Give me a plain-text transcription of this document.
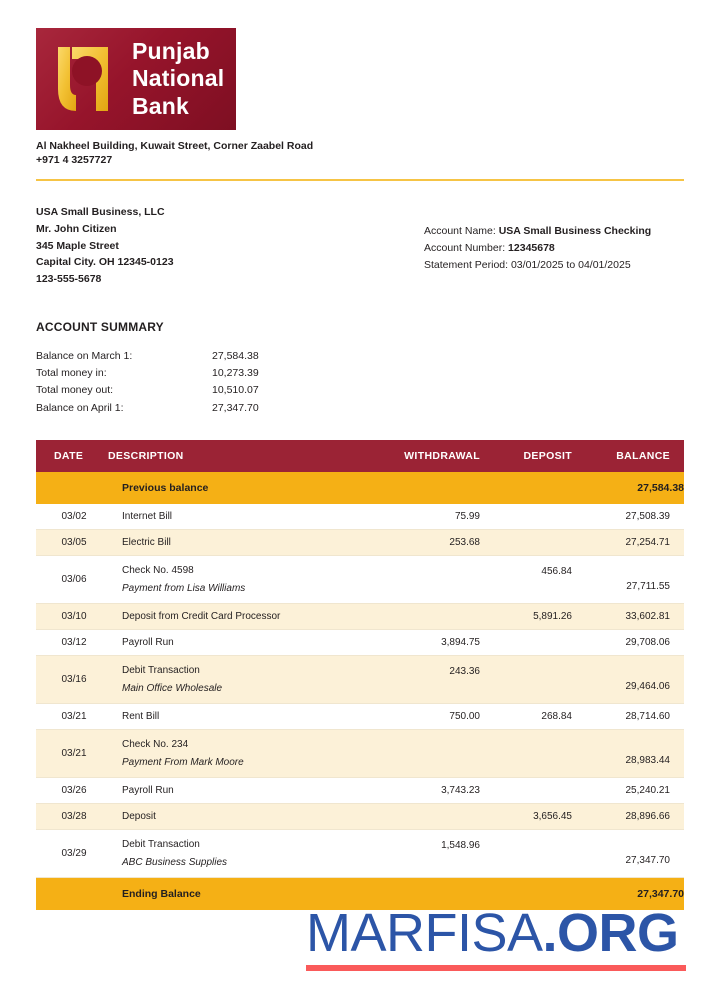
Punjab
National
Bank
Al Nakheel Building, Kuwait Street, Corner Zaabel Road
+971 4 3257727
USA Small Business, LLC
Mr. John Citizen
345 Maple Street
Capital City. OH 12345-0123
123-555-5678
Account Name: USA Small Business Checking
Account Number: 12345678
Statement Period: 03/01/2025 to 04/01/2025
ACCOUNT SUMMARY
Balance on March 1:	27,584.38
Total money in:	10,273.39
Total money out:	10,510.07
Balance on April 1:	27,347.70
DATE	DESCRIPTION	WITHDRAWAL	DEPOSIT	BALANCE
	Previous balance			27,584.38
03/02	Internet Bill	75.99		27,508.39
03/05	Electric Bill	253.68		27,254.71
03/06	Check No. 4598
Payment from Lisa Williams		456.84	27,711.55
03/10	Deposit from Credit Card Processor		5,891.26	33,602.81
03/12	Payroll Run	3,894.75		29,708.06
03/16	Debit Transaction
Main Office Wholesale	243.36		29,464.06
03/21	Rent Bill	750.00	268.84	28,714.60
03/21	Check No. 234
Payment From Mark Moore			28,983.44
03/26	Payroll Run	3,743.23		25,240.21
03/28	Deposit		3,656.45	28,896.66
03/29	Debit Transaction
ABC Business Supplies	1,548.96		27,347.70
	Ending Balance			27,347.70
MARFISA.ORG
